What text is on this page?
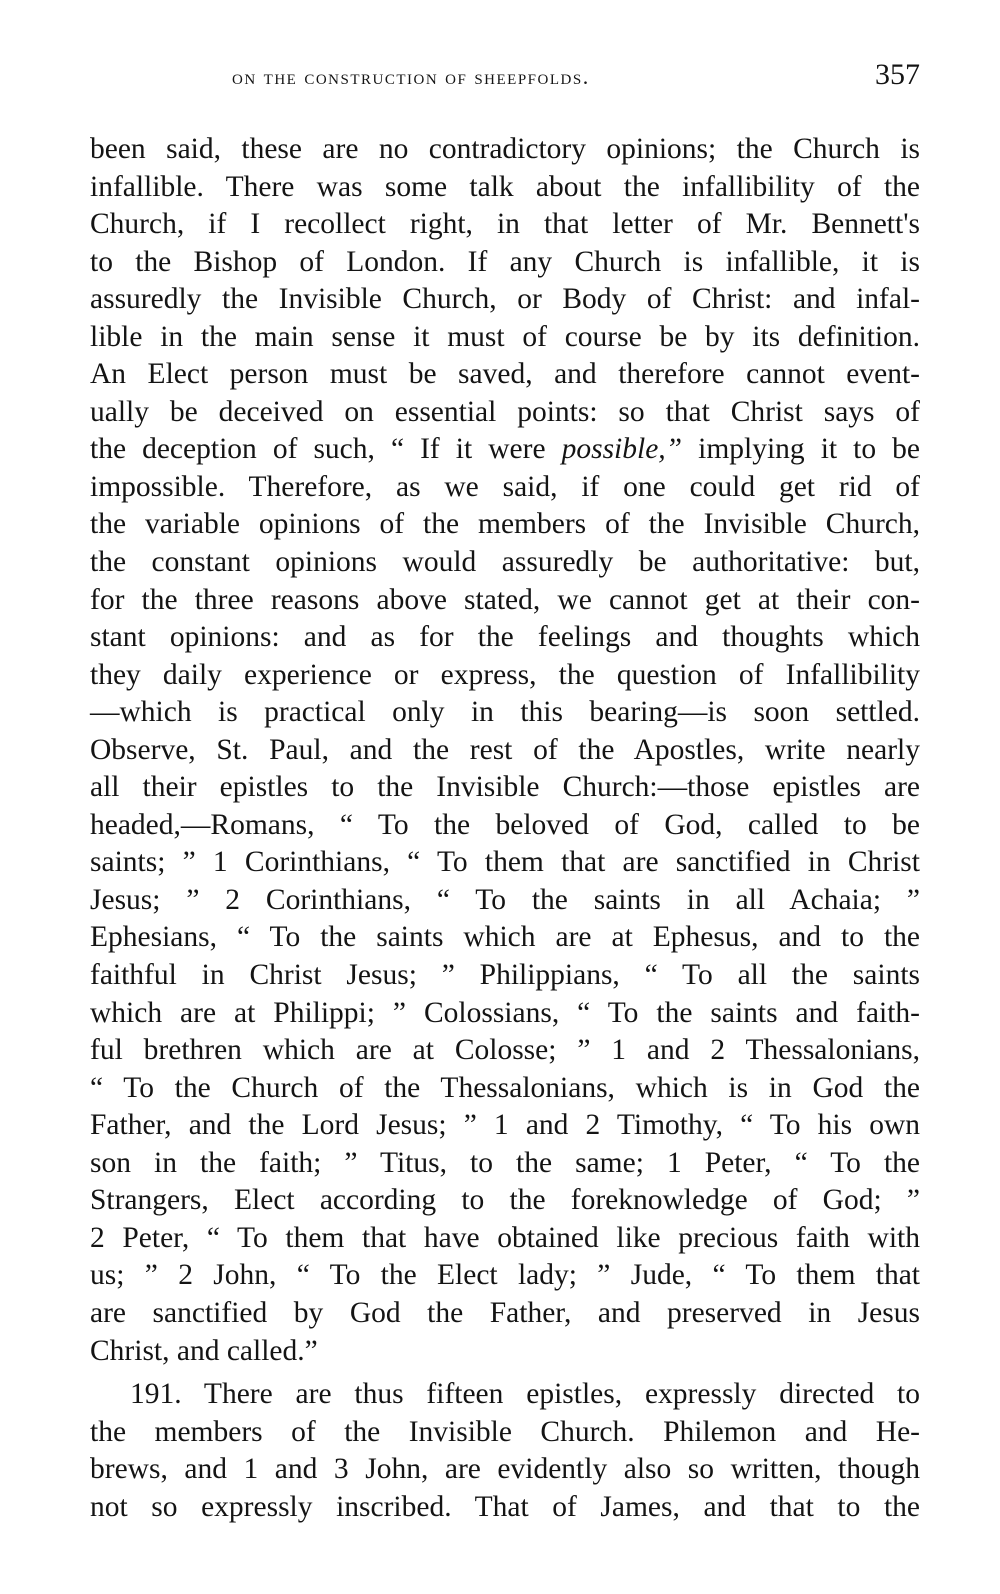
on the construction of sheepfolds.	357
been said, these are no contradictory opinions; the Church is
infallible. There was some talk about the infallibility of the
Church, if I recollect right, in that letter of Mr. Bennett's
to the Bishop of London. If any Church is infallible, it is
assuredly the Invisible Church, or Body of Christ: and infal-
lible in the main sense it must of course be by its definition.
An Elect person must be saved, and therefore cannot event-
ually be deceived on essential points: so that Christ says of
the deception of such, “ If it were possible,” implying it to be
impossible. Therefore, as we said, if one could get rid of
the variable opinions of the members of the Invisible Church,
the constant opinions would assuredly be authoritative: but,
for the three reasons above stated, we cannot get at their con-
stant opinions: and as for the feelings and thoughts which
they daily experience or express, the question of Infallibility
—which is practical only in this bearing—is soon settled.
Observe, St. Paul, and the rest of the Apostles, write nearly
all their epistles to the Invisible Church:—those epistles are
headed,—Romans, “ To the beloved of God, called to be
saints; ” 1 Corinthians, “ To them that are sanctified in Christ
Jesus; ” 2 Corinthians, “ To the saints in all Achaia; ”
Ephesians, “ To the saints which are at Ephesus, and to the
faithful in Christ Jesus; ” Philippians, “ To all the saints
which are at Philippi; ” Colossians, “ To the saints and faith-
ful brethren which are at Colosse; ” 1 and 2 Thessalonians,
“ To the Church of the Thessalonians, which is in God the
Father, and the Lord Jesus; ” 1 and 2 Timothy, “ To his own
son in the faith; ” Titus, to the same; 1 Peter, “ To the
Strangers, Elect according to the foreknowledge of God; ”
2 Peter, “ To them that have obtained like precious faith with
us; ” 2 John, “ To the Elect lady; ” Jude, “ To them that
are sanctified by God the Father, and preserved in Jesus
Christ, and called.”
191. There are thus fifteen epistles, expressly directed to
the members of the Invisible Church. Philemon and He-
brews, and 1 and 3 John, are evidently also so written, though
not so expressly inscribed. That of James, and that to the
